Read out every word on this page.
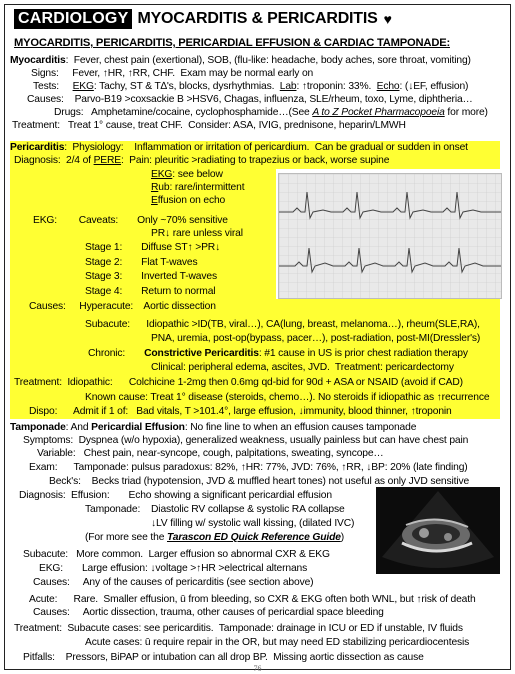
CARDIOLOGY MYOCARDITIS & PERICARDITIS ♥
MYOCARDITIS, PERICARDITIS, PERICARDIAL EFFUSION & CARDIAC TAMPONADE:
Myocarditis:  Fever, chest pain (exertional), SOB, (flu-like: headache, body aches, sore throat, vomiting)
Signs:     Fever, ↑HR, ↑RR, CHF.  Exam may be normal early on
Tests:     EKG: Tachy, ST & T∆'s, blocks, dysrhythmias.  Lab: ↑troponin: 33%.  Echo: (↓EF, effusion)
Causes:    Parvo-B19 >coxsackie B >HSV6, Chagas, influenza, SLE/rheum, toxo, Lyme, diphtheria…
Drugs:   Amphetamine/cocaine, cyclophosphamide…(See A to Z Pocket Pharmacopoeia for more)
Treatment:   Treat 1° cause, treat CHF.  Consider: ASA, IVIG, prednisone, heparin/LMWH
Pericarditis:  Physiology:    Inflammation or irritation of pericardium.  Can be gradual or sudden in onset
Diagnosis:  2/4 of PERE:  Pain: pleuritic >radiating to trapezius or back, worse supine
EKG: see below
Rub: rare/intermittent
Effusion on echo
EKG:        Caveats:       Only ~70% sensitive
PR↓ rare unless viral
Stage 1:       Diffuse ST↑ >PR↓
Stage 2:       Flat T-waves
Stage 3:       Inverted T-waves
Stage 4:       Return to normal
Causes:     Hyperacute:    Aortic dissection
Subacute:      Idiopathic >ID(TB, viral…), CA(lung, breast, melanoma…), rheum(SLE,RA),
PNA, uremia, post-op(bypass, pacer…), post-radiation, post-MI(Dressler's)
Chronic:       Constrictive Pericarditis: #1 cause in US is prior chest radiation therapy
Clinical: peripheral edema, ascites, JVD.  Treatment: pericardectomy
Treatment:  Idiopathic:      Colchicine 1-2mg then 0.6mg qd-bid for 90d + ASA or NSAID (avoid if CAD)
Known cause: Treat 1° disease (steroids, chemo…). No steroids if idiopathic as ↑recurrence
Dispo:      Admit if 1 of:   Bad vitals, T >101.4°, large effusion, ↓immunity, blood thinner, ↑troponin
Tamponade: And Pericardial Effusion: No fine line to when an effusion causes tamponade
Symptoms:  Dyspnea (w/o hypoxia), generalized weakness, usually painless but can have chest pain
Variable:   Chest pain, near-syncope, cough, palpitations, sweating, syncope…
Exam:      Tamponade: pulsus paradoxus: 82%, ↑HR: 77%, JVD: 76%, ↑RR, ↓BP: 20% (late finding)
Beck's:    Becks triad (hypotension, JVD & muffled heart tones) not useful as only JVD sensitive
Diagnosis:  Effusion:       Echo showing a significant pericardial effusion
Tamponade:    Diastolic RV collapse & systolic RA collapse
↓LV filling w/ systolic wall kissing, (dilated IVC)
(For more see the Tarascon ED Quick Reference Guide)
Subacute:   More common.  Larger effusion so abnormal CXR & EKG
EKG:       Large effusion: ↓voltage >↑HR >electrical alternans
Causes:     Any of the causes of pericarditis (see section above)
Acute:      Rare.  Smaller effusion, ū from bleeding, so CXR & EKG often both WNL, but ↑risk of death
Causes:     Aortic dissection, trauma, other causes of pericardial space bleeding
Treatment:  Subacute cases: see pericarditis.  Tamponade: drainage in ICU or ED if unstable, IV fluids
Acute cases: ū require repair in the OR, but may need ED stabilizing pericardiocentesis
Pitfalls:    Pressors, BiPAP or intubation can all drop BP.  Missing aortic dissection as cause
76
